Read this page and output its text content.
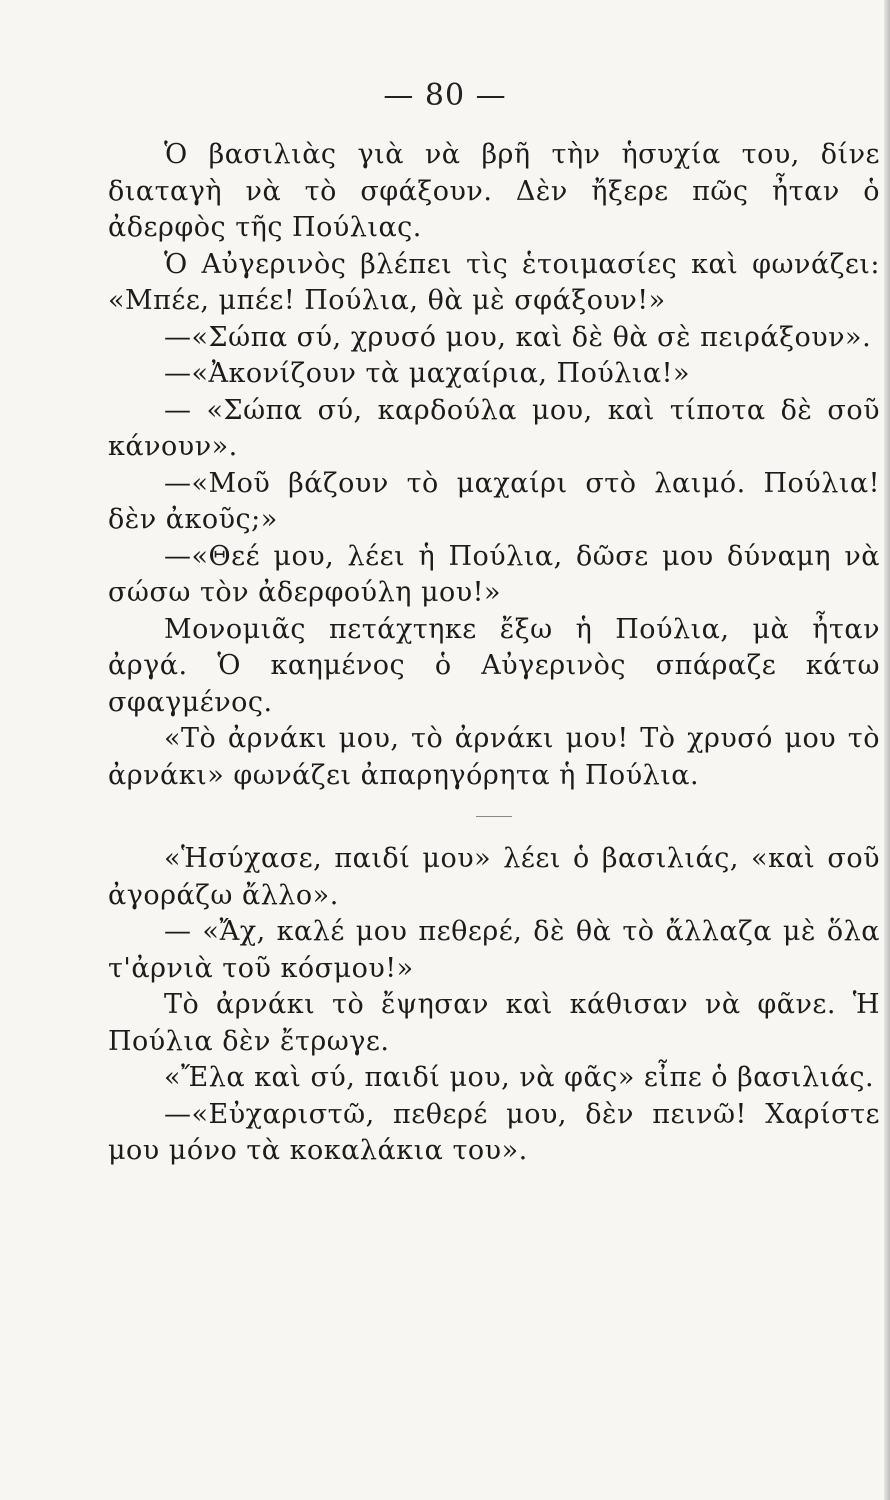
— 80 —

Ὁ βασιλιὰς γιὰ νὰ βρῆ τὴν ἡσυχία του, δίνε διαταγὴ νὰ τὸ σφάξουν. Δὲν ἤξερε πῶς ἦταν ὁ ἀδερφὸς τῆς Πούλιας.

Ὁ Αὐγερινὸς βλέπει τὶς ἑτοιμασίες καὶ φωνάζει: «Μπέε, μπέε! Πούλια, θὰ μὲ σφάξουν!»

—«Σώπα σύ, χρυσό μου, καὶ δὲ θὰ σὲ πειράξουν».

—«Ἀκονίζουν τὰ μαχαίρια, Πούλια!»

— «Σώπα σύ, καρδούλα μου, καὶ τίποτα δὲ σοῦ κάνουν».

—«Μοῦ βάζουν τὸ μαχαίρι στὸ λαιμό. Πούλια! δὲν ἀκοῦς;»

—«Θεέ μου, λέει ἡ Πούλια, δῶσε μου δύναμη νὰ σώσω τὸν ἀδερφούλη μου!»

Μονομιᾶς πετάχτηκε ἔξω ἡ Πούλια, μὰ ἦταν ἀργά. Ὁ καημένος ὁ Αὐγερινὸς σπάραζε κάτω σφαγμένος.

«Τὸ ἀρνάκι μου, τὸ ἀρνάκι μου! Τὸ χρυσό μου τὸ ἀρνάκι» φωνάζει ἀπαρηγόρητα ἡ Πούλια.

«Ἡσύχασε, παιδί μου» λέει ὁ βασιλιάς, «καὶ σοῦ ἀγοράζω ἄλλο».

— «Ἄχ, καλέ μου πεθερέ, δὲ θὰ τὸ ἄλλαζα μὲ ὅλα τ'ἀρνιὰ τοῦ κόσμου!»

Τὸ ἀρνάκι τὸ ἔψησαν καὶ κάθισαν νὰ φᾶνε. Ἡ Πούλια δὲν ἔτρωγε.

«Ἔλα καὶ σύ, παιδί μου, νὰ φᾶς» εἶπε ὁ βασιλιάς.

—«Εὐχαριστῶ, πεθερέ μου, δὲν πεινῶ! Χαρίστε μου μόνο τὰ κοκαλάκια του».
